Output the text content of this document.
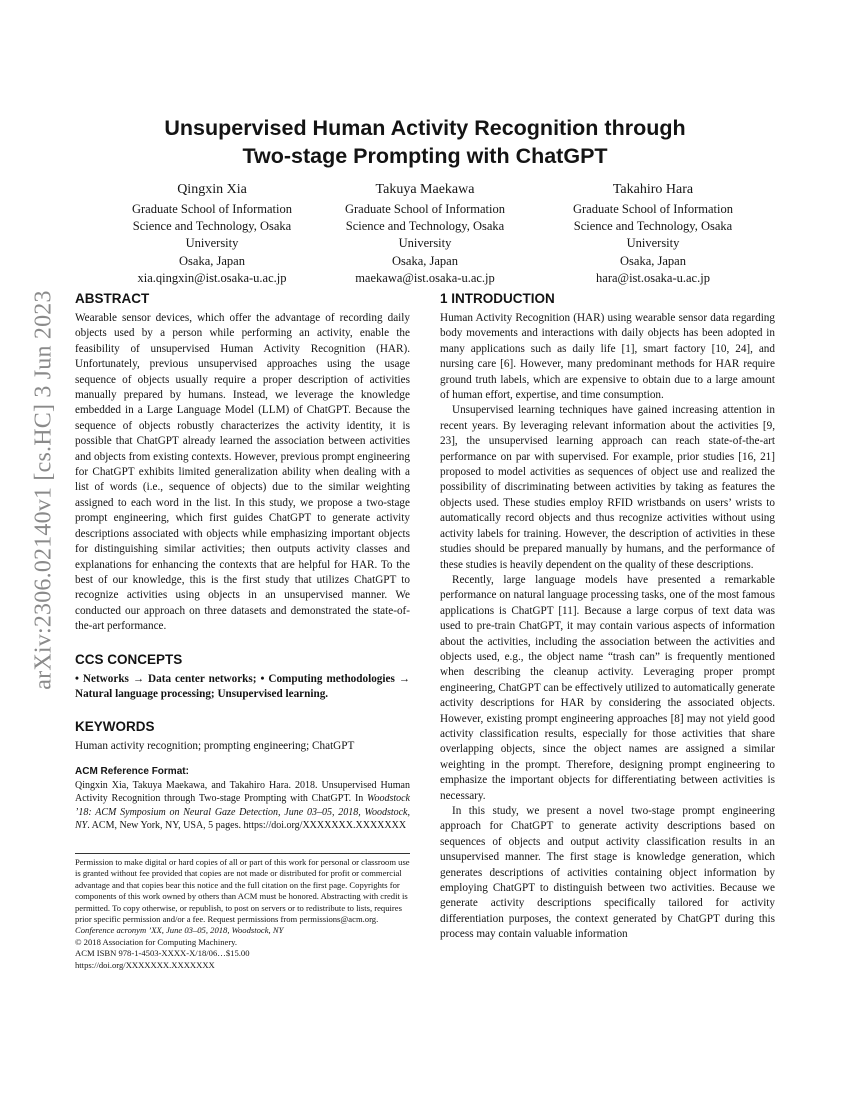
arXiv:2306.02140v1 [cs.HC] 3 Jun 2023
Unsupervised Human Activity Recognition through
Two-stage Prompting with ChatGPT
Qingxin Xia
Graduate School of Information
Science and Technology, Osaka
University
Osaka, Japan
xia.qingxin@ist.osaka-u.ac.jp
Takuya Maekawa
Graduate School of Information
Science and Technology, Osaka
University
Osaka, Japan
maekawa@ist.osaka-u.ac.jp
Takahiro Hara
Graduate School of Information
Science and Technology, Osaka
University
Osaka, Japan
hara@ist.osaka-u.ac.jp
ABSTRACT

Wearable sensor devices, which offer the advantage of recording daily objects used by a person while performing an activity, enable the feasibility of unsupervised Human Activity Recognition (HAR). Unfortunately, previous unsupervised approaches using the usage sequence of objects usually require a proper description of activities manually prepared by humans. Instead, we leverage the knowledge embedded in a Large Language Model (LLM) of ChatGPT. Because the sequence of objects robustly characterizes the activity identity, it is possible that ChatGPT already learned the association between activities and objects from existing contexts. However, previous prompt engineering for ChatGPT exhibits limited generalization ability when dealing with a list of words (i.e., sequence of objects) due to the similar weighting assigned to each word in the list. In this study, we propose a two-stage prompt engineering, which first guides ChatGPT to generate activity descriptions associated with objects while emphasizing important objects for distinguishing similar activities; then outputs activity classes and explanations for enhancing the contexts that are helpful for HAR. To the best of our knowledge, this is the first study that utilizes ChatGPT to recognize activities using objects in an unsupervised manner. We conducted our approach on three datasets and demonstrated the state-of-the-art performance.

CCS CONCEPTS

• Networks → Data center networks; • Computing methodologies → Natural language processing; Unsupervised learning.

KEYWORDS

Human activity recognition; prompting engineering; ChatGPT

ACM Reference Format:

Qingxin Xia, Takuya Maekawa, and Takahiro Hara. 2018. Unsupervised Human Activity Recognition through Two-stage Prompting with ChatGPT. In Woodstock ’18: ACM Symposium on Neural Gaze Detection, June 03–05, 2018, Woodstock, NY. ACM, New York, NY, USA, 5 pages. https://doi.org/XXXXXXX.XXXXXXX

Permission to make digital or hard copies of all or part of this work for personal or classroom use is granted without fee provided that copies are not made or distributed for profit or commercial advantage and that copies bear this notice and the full citation on the first page. Copyrights for components of this work owned by others than ACM must be honored. Abstracting with credit is permitted. To copy otherwise, or republish, to post on servers or to redistribute to lists, requires prior specific permission and/or a fee. Request permissions from permissions@acm.org.

Conference acronym ’XX, June 03–05, 2018, Woodstock, NY

© 2018 Association for Computing Machinery.

ACM ISBN 978-1-4503-XXXX-X/18/06…$15.00

https://doi.org/XXXXXXX.XXXXXXX

1 INTRODUCTION

Human Activity Recognition (HAR) using wearable sensor data regarding body movements and interactions with daily objects has been adopted in many applications such as daily life [1], smart factory [10, 24], and nursing care [6]. However, many predominant methods for HAR require ground truth labels, which are expensive to obtain due to a large amount of human effort, expertise, and time consumption.

Unsupervised learning techniques have gained increasing attention in recent years. By leveraging relevant information about the activities [9, 23], the unsupervised learning approach can reach state-of-the-art performance on par with supervised. For example, prior studies [16, 21] proposed to model activities as sequences of object use and realized the possibility of discriminating between activities by taking as features the objects used. These studies employ RFID wristbands on users’ wrists to automatically record objects and thus recognize activities without using activity labels for training. However, the description of activities in these studies should be prepared manually by humans, and the performance of these studies is heavily dependent on the quality of these descriptions.

Recently, large language models have presented a remarkable performance on natural language processing tasks, one of the most famous applications is ChatGPT [11]. Because a large corpus of text data was used to pre-train ChatGPT, it may contain various aspects of information about the activities, including the association between the activities and objects used, e.g., the object name “trash can” is frequently mentioned when describing the cleanup activity. Leveraging proper prompt engineering, ChatGPT can be effectively utilized to automatically generate activity descriptions for HAR by considering the associated objects. However, existing prompt engineering approaches [8] may not yield good activity classification results, especially for those activities that share overlapping objects, since the object names are assigned a similar weighting in the prompt. Therefore, designing prompt engineering to emphasize the important objects for differentiating between activities is necessary.

In this study, we present a novel two-stage prompt engineering approach for ChatGPT to generate activity descriptions based on sequences of objects and output activity classification results in an unsupervised manner. The first stage is knowledge generation, which generates descriptions of activities containing object information by employing ChatGPT to distinguish between two activities. Because we generate activity descriptions specifically tailored for activity differentiation purposes, the context generated by ChatGPT during this process may contain valuable information
